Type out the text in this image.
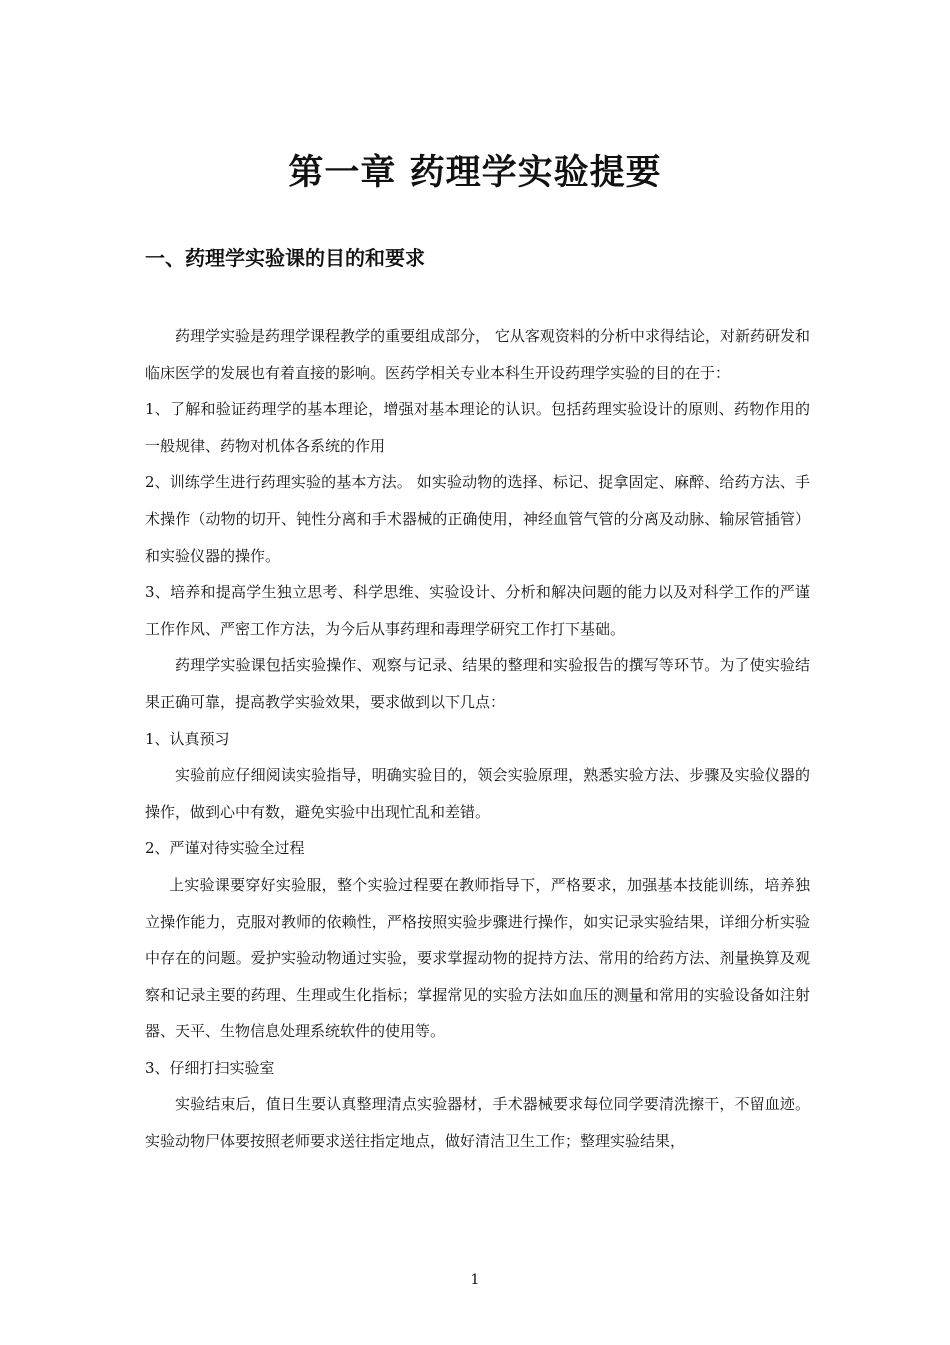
第一章 药理学实验提要
一、药理学实验课的目的和要求

药理学实验是药理学课程教学的重要组成部分， 它从客观资料的分析中求得结论，对新药研发和临床医学的发展也有着直接的影响。医药学相关专业本科生开设药理学实验的目的在于：

1、了解和验证药理学的基本理论，增强对基本理论的认识。包括药理实验设计的原则、药物作用的一般规律、药物对机体各系统的作用

2、训练学生进行药理实验的基本方法。 如实验动物的选择、标记、捉拿固定、麻醉、给药方法、手术操作（动物的切开、钝性分离和手术器械的正确使用，神经血管气管的分离及动脉、输尿管插管）和实验仪器的操作。

3、培养和提高学生独立思考、科学思维、实验设计、分析和解决问题的能力以及对科学工作的严谨工作作风、严密工作方法，为今后从事药理和毒理学研究工作打下基础。

药理学实验课包括实验操作、观察与记录、结果的整理和实验报告的撰写等环节。为了使实验结果正确可靠，提高教学实验效果，要求做到以下几点：

1、认真预习

实验前应仔细阅读实验指导，明确实验目的，领会实验原理，熟悉实验方法、步骤及实验仪器的操作，做到心中有数，避免实验中出现忙乱和差错。

2、严谨对待实验全过程

上实验课要穿好实验服，整个实验过程要在教师指导下，严格要求，加强基本技能训练，培养独立操作能力，克服对教师的依赖性，严格按照实验步骤进行操作，如实记录实验结果，详细分析实验中存在的问题。爱护实验动物通过实验，要求掌握动物的捉持方法、常用的给药方法、剂量换算及观察和记录主要的药理、生理或生化指标；掌握常见的实验方法如血压的测量和常用的实验设备如注射器、天平、生物信息处理系统软件的使用等。

3、仔细打扫实验室

实验结束后，值日生要认真整理清点实验器材，手术器械要求每位同学要清洗擦干，不留血迹。实验动物尸体要按照老师要求送往指定地点，做好清洁卫生工作；整理实验结果，

1
